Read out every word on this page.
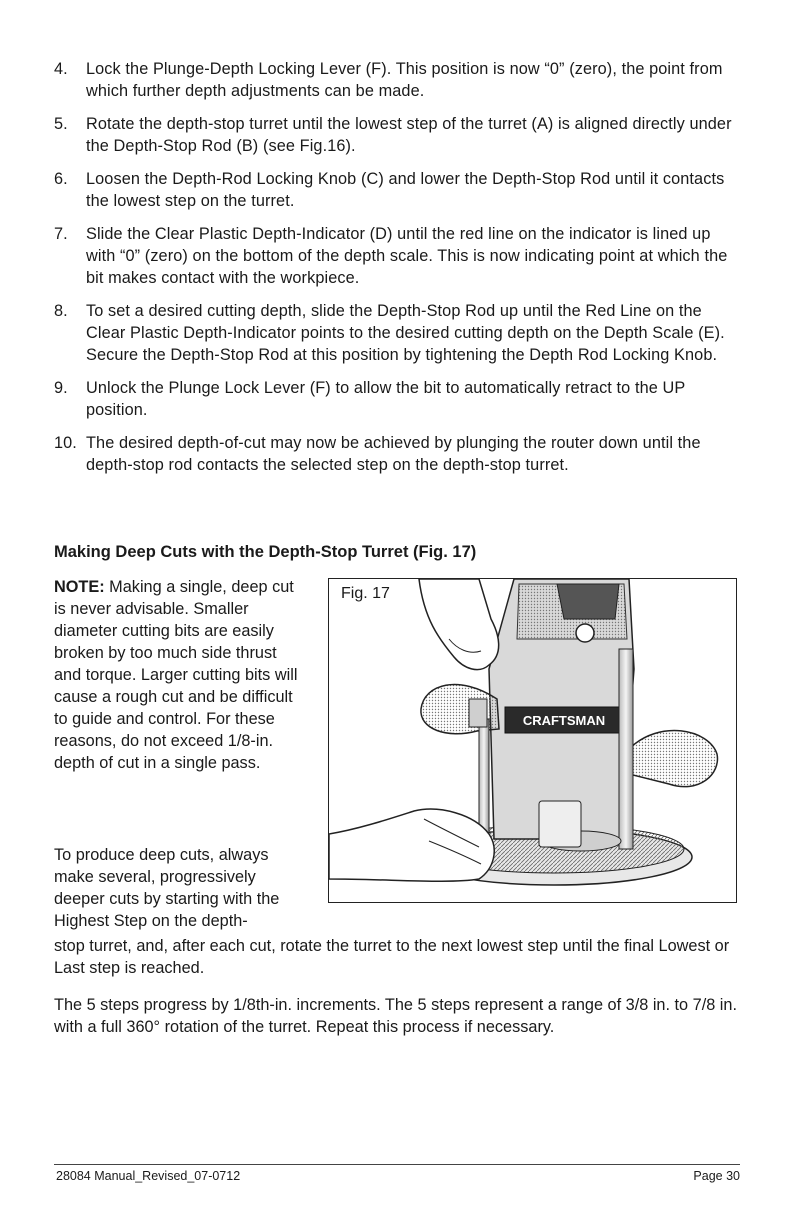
4.	Lock the Plunge-Depth Locking Lever (F). This position is now “0” (zero), the point from which further depth adjustments can be made.
5.	Rotate the depth-stop turret until the lowest step of the turret (A) is aligned directly under the Depth-Stop Rod (B) (see Fig.16).
6.	Loosen the Depth-Rod Locking Knob (C) and lower the Depth-Stop Rod until it contacts the lowest step on the turret.
7.	Slide the Clear Plastic Depth-Indicator (D) until the red line on the indicator is lined up with “0” (zero) on the bottom of the depth scale. This is now indicating point at which the bit makes contact with the workpiece.
8.	To set a desired cutting depth, slide the Depth-Stop Rod up until the Red Line on the Clear Plastic Depth-Indicator points to the desired cutting depth on the Depth Scale (E). Secure the Depth-Stop Rod at this position by tightening the Depth Rod Locking Knob.
9.	Unlock the Plunge Lock Lever (F) to allow the bit to automatically retract to the UP position.
10. The desired depth-of-cut may now be achieved by plunging the router down until the depth-stop rod contacts the selected step on the depth-stop turret.
Making Deep Cuts with the Depth-Stop Turret (Fig. 17)

NOTE: Making a single, deep cut is never advisable. Smaller diameter cutting bits are easily broken by too much side thrust and torque. Larger cutting bits will cause a rough cut and be difficult to guide and control. For these reasons, do not exceed 1/8-in. depth of cut in a single pass.

To produce deep cuts, always make several, progressively deeper cuts by starting with the Highest Step on the depth-

stop turret, and, after each cut, rotate the turret to the next lowest step until the final Lowest or Last step is reached.

The 5 steps progress by 1/8th-in. increments. The 5 steps represent a range of 3/8 in. to 7/8 in. with a full 360° rotation of the turret. Repeat this process if necessary.

CRAFTSMAN
Fig. 17
28084 Manual_Revised_07-0712	Page 30
